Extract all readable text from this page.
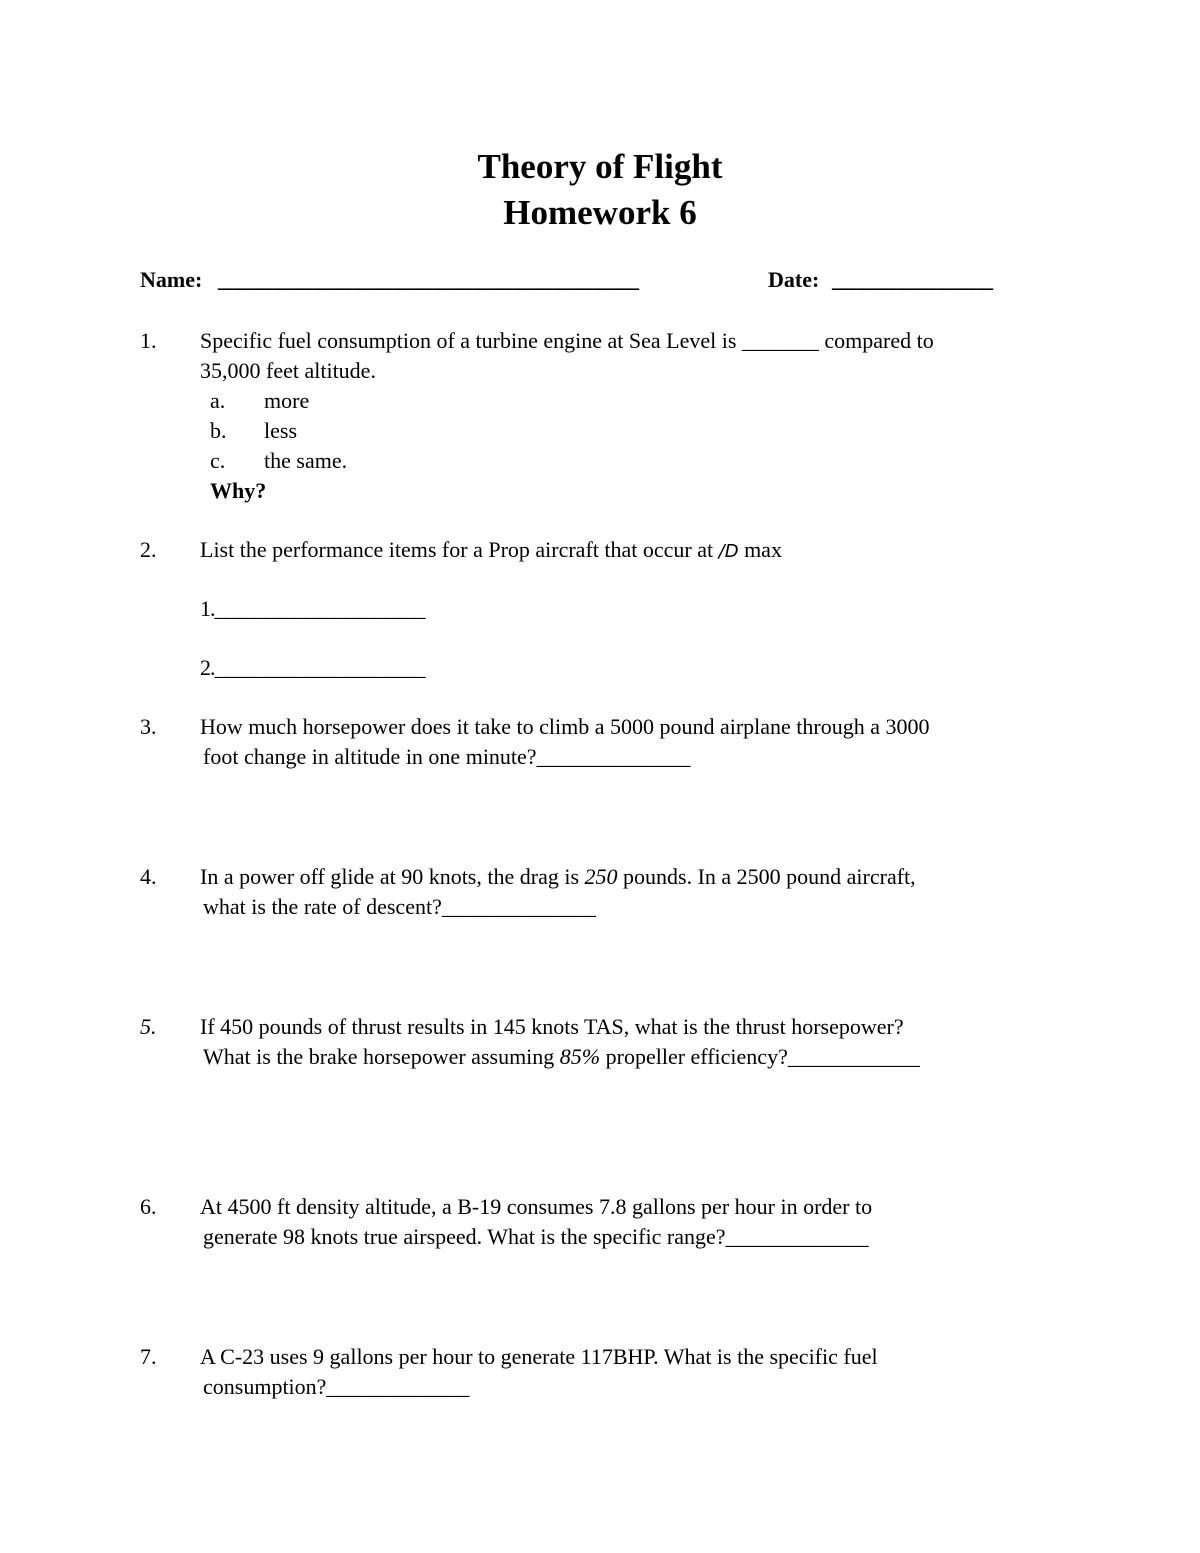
Theory of Flight
Homework 6
Name: __________________________________________	Date: ________________
1. Specific fuel consumption of a turbine engine at Sea Level is _______ compared to
35,000 feet altitude.
a. more
b. less
c. the same.
Why?
2. List the performance items for a Prop aircraft that occur at /D max
1._____________________
2._____________________
3. How much horsepower does it take to climb a 5000 pound airplane through a 3000
foot change in altitude in one minute?______________
4. In a power off glide at 90 knots, the drag is 250 pounds. In a 2500 pound aircraft,
what is the rate of descent?______________
5. If 450 pounds of thrust results in 145 knots TAS, what is the thrust horsepower?
What is the brake horsepower assuming 85% propeller efficiency?____________
6. At 4500 ft density altitude, a B-19 consumes 7.8 gallons per hour in order to
generate 98 knots true airspeed. What is the specific range?_____________
7. A C-23 uses 9 gallons per hour to generate 117BHP. What is the specific fuel
consumption?_____________
